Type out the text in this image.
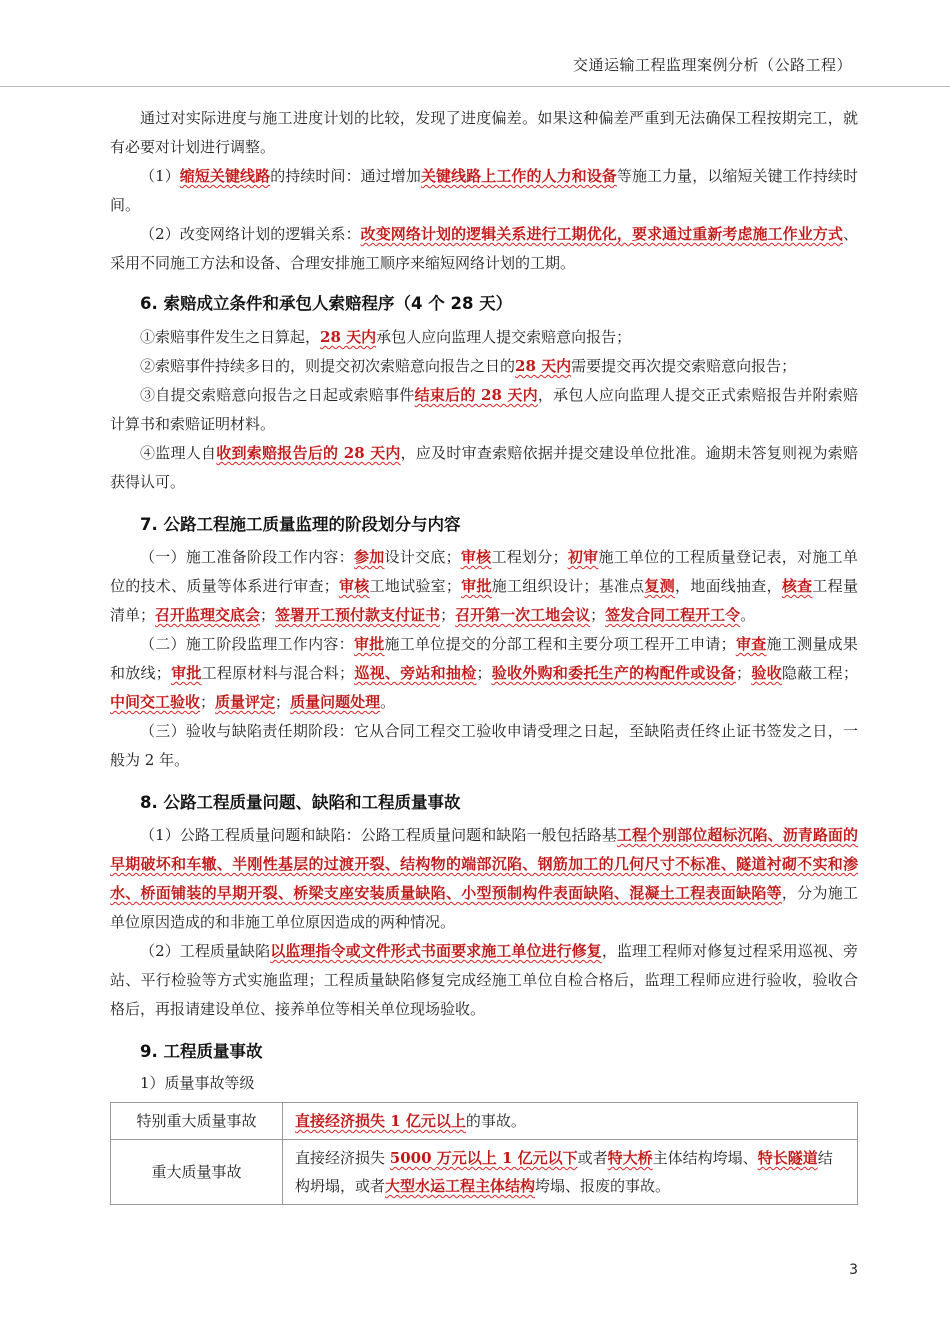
交通运输工程监理案例分析（公路工程）

通过对实际进度与施工进度计划的比较，发现了进度偏差。如果这种偏差严重到无法确保工程按期完工，就有必要对计划进行调整。

（1）缩短关键线路的持续时间：通过增加关键线路上工作的人力和设备等施工力量，以缩短关键工作持续时间。

（2）改变网络计划的逻辑关系：改变网络计划的逻辑关系进行工期优化，要求通过重新考虑施工作业方式、采用不同施工方法和设备、合理安排施工顺序来缩短网络计划的工期。

6. 索赔成立条件和承包人索赔程序（4 个 28 天）

①索赔事件发生之日算起，28 天内承包人应向监理人提交索赔意向报告；

②索赔事件持续多日的，则提交初次索赔意向报告之日的28 天内需要提交再次提交索赔意向报告；

③自提交索赔意向报告之日起或索赔事件结束后的 28 天内，承包人应向监理人提交正式索赔报告并附索赔计算书和索赔证明材料。

④监理人自收到索赔报告后的 28 天内，应及时审查索赔依据并提交建设单位批准。逾期未答复则视为索赔获得认可。

7. 公路工程施工质量监理的阶段划分与内容

（一）施工准备阶段工作内容：参加设计交底；审核工程划分；初审施工单位的工程质量登记表，对施工单位的技术、质量等体系进行审查；审核工地试验室；审批施工组织设计；基准点复测，地面线抽查，核查工程量清单；召开监理交底会；签署开工预付款支付证书；召开第一次工地会议；签发合同工程开工令。

（二）施工阶段监理工作内容：审批施工单位提交的分部工程和主要分项工程开工申请；审查施工测量成果和放线；审批工程原材料与混合料；巡视、旁站和抽检；验收外购和委托生产的构配件或设备；验收隐蔽工程；中间交工验收；质量评定；质量问题处理。

（三）验收与缺陷责任期阶段：它从合同工程交工验收申请受理之日起，至缺陷责任终止证书签发之日，一般为 2 年。

8. 公路工程质量问题、缺陷和工程质量事故

（1）公路工程质量问题和缺陷：公路工程质量问题和缺陷一般包括路基工程个别部位超标沉陷、沥青路面的早期破坏和车辙、半刚性基层的过渡开裂、结构物的端部沉陷、钢筋加工的几何尺寸不标准、隧道衬砌不实和渗水、桥面铺装的早期开裂、桥梁支座安装质量缺陷、小型预制构件表面缺陷、混凝土工程表面缺陷等，分为施工单位原因造成的和非施工单位原因造成的两种情况。

（2）工程质量缺陷以监理指令或文件形式书面要求施工单位进行修复，监理工程师对修复过程采用巡视、旁站、平行检验等方式实施监理；工程质量缺陷修复完成经施工单位自检合格后，监理工程师应进行验收，验收合格后，再报请建设单位、接养单位等相关单位现场验收。

9. 工程质量事故

1）质量事故等级

特别重大质量事故	直接经济损失 1 亿元以上的事故。
重大质量事故	直接经济损失 5000 万元以上 1 亿元以下或者特大桥主体结构垮塌、特长隧道结构坍塌，或者大型水运工程主体结构垮塌、报废的事故。
3
